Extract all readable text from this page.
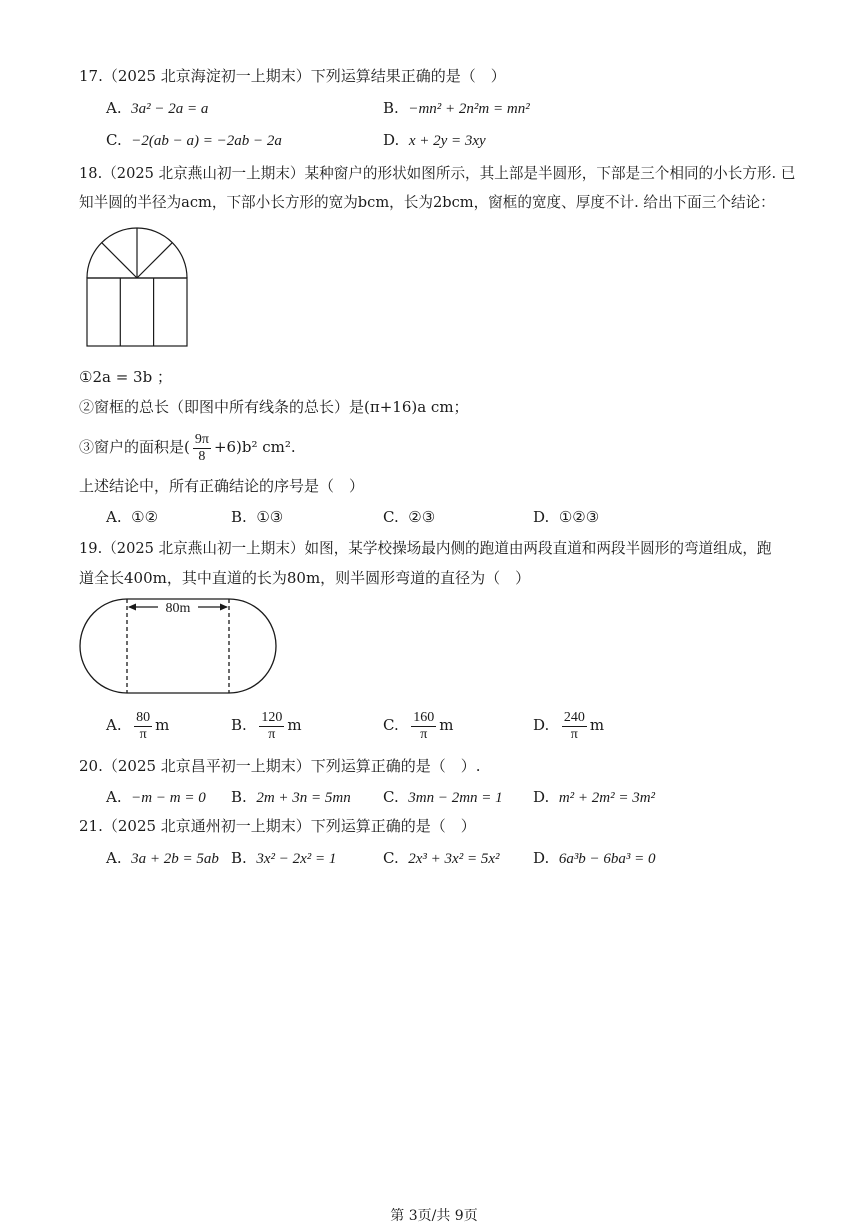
17.（2025 北京海淀初一上期末）下列运算结果正确的是（　）
A. 3a² − 2a = a	B. −mn² + 2n²m = mn²
C. −2(ab − a) = −2ab − 2a	D. x + 2y = 3xy
18.（2025 北京燕山初一上期末）某种窗户的形状如图所示，其上部是半圆形，下部是三个相同的小长方形. 已
知半圆的半径为acm，下部小长方形的宽为bcm，长为2bcm，窗框的宽度、厚度不计. 给出下面三个结论：
①2a = 3b ；
②窗框的总长（即图中所有线条的总长）是(π+16)a cm；
③窗户的面积是( $\frac{9\pi}{8} +6)b^2$ cm².
上述结论中，所有正确结论的序号是（　）
A. ①②	B. ①③	C. ②③	D. ①②③
19.（2025 北京燕山初一上期末）如图，某学校操场最内侧的跑道由两段直道和两段半圆形的弯道组成，跑
道全长400m，其中直道的长为80m，则半圆形弯道的直径为（　）
80m
A. $\frac{80}{\pi}$ m	B. $\frac{120}{\pi}$ m	C. $\frac{160}{\pi}$ m	D. $\frac{240}{\pi}$ m
20.（2025 北京昌平初一上期末）下列运算正确的是（　）.
A. −m − m = 0 B. 2m + 3n = 5mn C. 3mn − 2mn = 1 D. m² + 2m² = 3m²
21.（2025 北京通州初一上期末）下列运算正确的是（　）
A. 3a + 2b = 5ab B. 3x² − 2x² = 1	C. 2x³ + 3x² = 5x² D. 6a³b − 6ba³ = 0
第 3页/共 9页
